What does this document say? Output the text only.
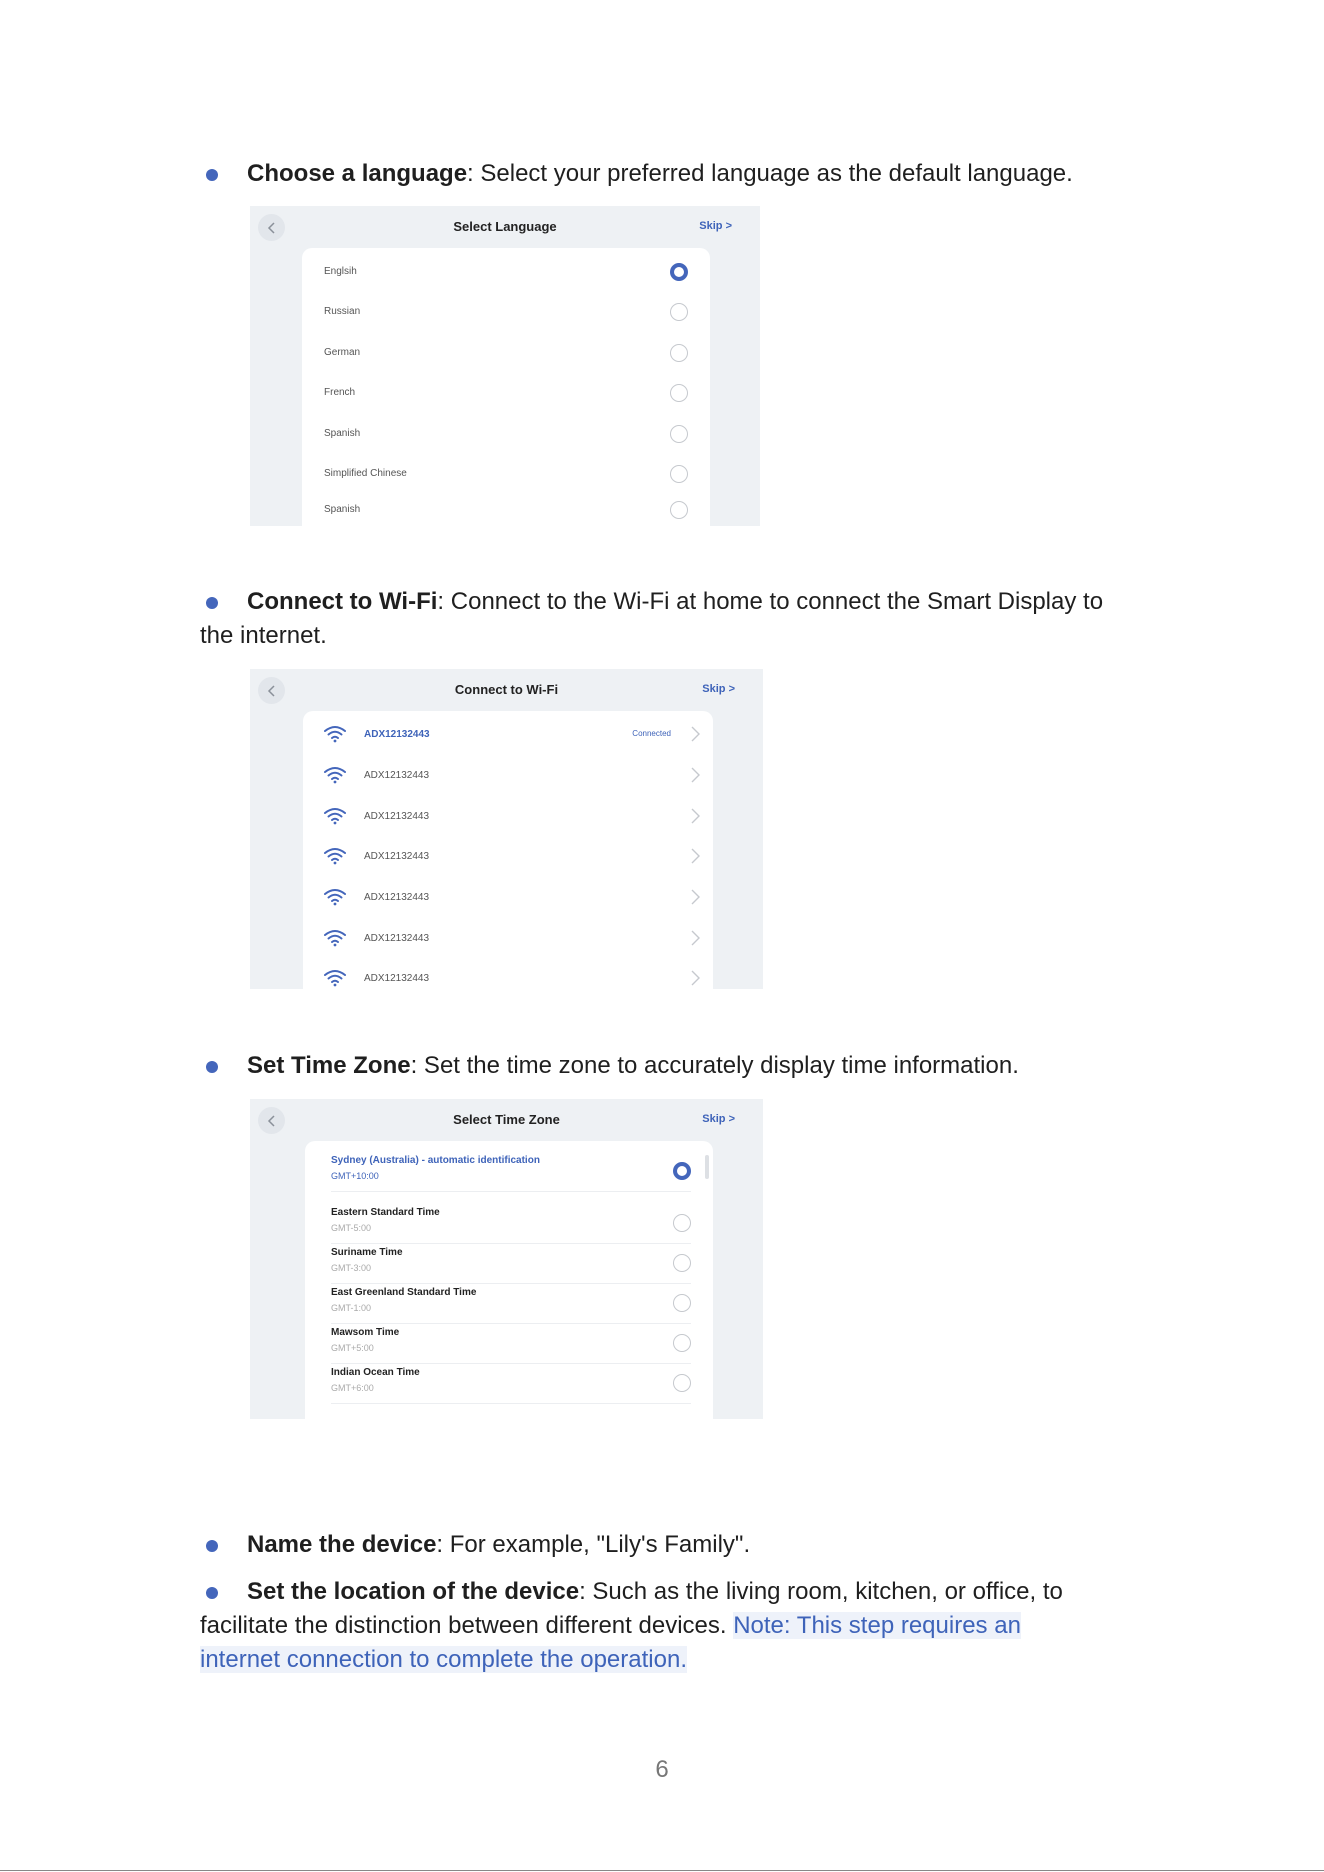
Choose a language: Select your preferred language as the default language.
Select Language	Skip >
Englsih
Russian
German
French
Spanish
Simplified Chinese
Spanish
Connect to Wi-Fi: Connect to the Wi-Fi at home to connect the Smart Display to
the internet.
Connect to Wi-Fi	Skip >
ADX12132443	Connected
ADX12132443
ADX12132443
ADX12132443
ADX12132443
ADX12132443
ADX12132443
Set Time Zone: Set the time zone to accurately display time information.
Select Time Zone	Skip >
Sydney (Australia) - automatic identification
GMT+10:00
Eastern Standard Time
GMT-5:00
Suriname Time
GMT-3:00
East Greenland Standard Time
GMT-1:00
Mawsom Time
GMT+5:00
Indian Ocean Time
GMT+6:00
Name the device: For example, "Lily's Family".
Set the location of the device: Such as the living room, kitchen, or office, to
facilitate the distinction between different devices. Note: This step requires an
internet connection to complete the operation.
6
